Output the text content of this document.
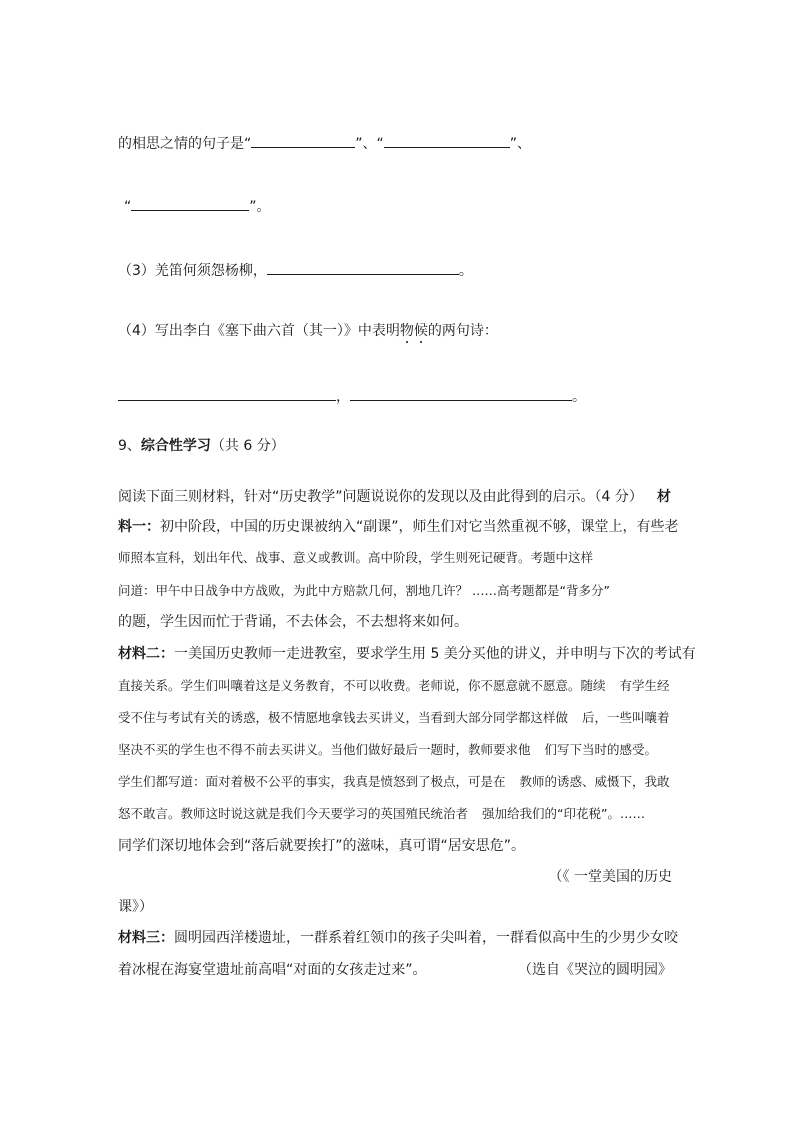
的相思之情的句子是“	”、“	”、
“	”。
（3）羌笛何须怨杨柳，	。
（4）写出李白《塞下曲六首（其一）》中表明物候的两句诗：
，	。
9、综合性学习（共 6 分）
阅读下面三则材料，针对“历史教学”问题说说你的发现以及由此得到的启示。（4 分） 材
料一：初中阶段，中国的历史课被纳入“副课”，师生们对它当然重视不够，课堂上，有些老
师照本宣科，划出年代、战事、意义或教训。高中阶段，学生则死记硬背。考题中这样
问道：甲午中日战争中方战败，为此中方赔款几何，割地几许？ ……高考题都是“背多分”
的题，学生因而忙于背诵，不去体会，不去想将来如何。
材料二：一美国历史教师一走进教室，要求学生用 5 美分买他的讲义，并申明与下次的考试有
直接关系。学生们叫嚷着这是义务教育，不可以收费。老师说，你不愿意就不愿意。随续 有学生经
受不住与考试有关的诱惑，极不情愿地拿钱去买讲义，当看到大部分同学都这样做 后，一些叫嚷着
坚决不买的学生也不得不前去买讲义。当他们做好最后一题时，教师要求他 们写下当时的感受。
学生们都写道：面对着极不公平的事实，我真是愤怒到了极点，可是在 教师的诱惑、威慑下，我敢
怒不敢言。教师这时说这就是我们今天要学习的英国殖民统治者 强加给我们的“印花税”。……
同学们深切地体会到“落后就要挨打”的滋味，真可谓“居安思危”。
（《 一堂美国的历史
课》）
材料三：圆明园西洋楼遗址，一群系着红领巾的孩子尖叫着，一群看似高中生的少男少女咬
着冰棍在海宴堂遗址前高唱“对面的女孩走过来”。	（选自《哭泣的圆明园》
